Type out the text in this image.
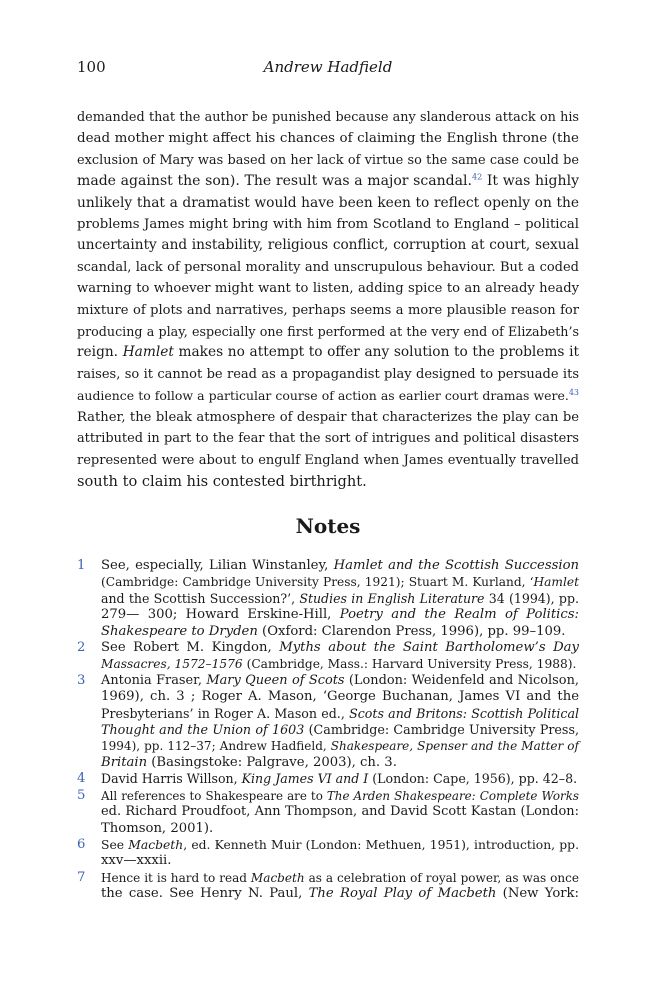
100	Andrew Hadfield
demanded that the author be punished because any slanderous attack on his
dead mother might affect his chances of claiming the English throne (the
exclusion of Mary was based on her lack of virtue so the same case could be
made against the son). The result was a major scandal.$^{42}$ It was highly
unlikely that a dramatist would have been keen to reflect openly on the
problems James might bring with him from Scotland to England – political
uncertainty and instability, religious conflict, corruption at court, sexual
scandal, lack of personal morality and unscrupulous behaviour. But a coded
warning to whoever might want to listen, adding spice to an already heady
mixture of plots and narratives, perhaps seems a more plausible reason for
producing a play, especially one first performed at the very end of Elizabeth’s
reign. Hamlet makes no attempt to offer any solution to the problems it
raises, so it cannot be read as a propagandist play designed to persuade its
audience to follow a particular course of action as earlier court dramas were.$^{43}$
Rather, the bleak atmosphere of despair that characterizes the play can be
attributed in part to the fear that the sort of intrigues and political disasters
represented were about to engulf England when James eventually travelled
south to claim his contested birthright.
Notes
1 See, especially, Lilian Winstanley, Hamlet and the Scottish Succession
(Cambridge: Cambridge University Press, 1921); Stuart M. Kurland, ‘Hamlet
and the Scottish Succession?’, Studies in English Literature 34 (1994), pp.
279— 300; Howard Erskine-Hill, Poetry and the Realm of Politics:
Shakespeare to Dryden (Oxford: Clarendon Press, 1996), pp. 99–109.
2 See Robert M. Kingdon, Myths about the Saint Bartholomew’s Day
Massacres, 1572–1576 (Cambridge, Mass.: Harvard University Press, 1988).
3 Antonia Fraser, Mary Queen of Scots (London: Weidenfeld and Nicolson,
1969), ch. 3 ; Roger A. Mason, ‘George Buchanan, James VI and the
Presbyterians’ in Roger A. Mason ed., Scots and Britons: Scottish Political
Thought and the Union of 1603 (Cambridge: Cambridge University Press,
1994), pp. 112–37; Andrew Hadfield, Shakespeare, Spenser and the Matter of
Britain (Basingstoke: Palgrave, 2003), ch. 3.
4 David Harris Willson, King James VI and I (London: Cape, 1956), pp. 42–8.
5 All references to Shakespeare are to The Arden Shakespeare: Complete Works
ed. Richard Proudfoot, Ann Thompson, and David Scott Kastan (London:
Thomson, 2001).
6 See Macbeth, ed. Kenneth Muir (London: Methuen, 1951), introduction, pp.
xxv—xxxii.
7 Hence it is hard to read Macbeth as a celebration of royal power, as was once
the case. See Henry N. Paul, The Royal Play of Macbeth (New York:
